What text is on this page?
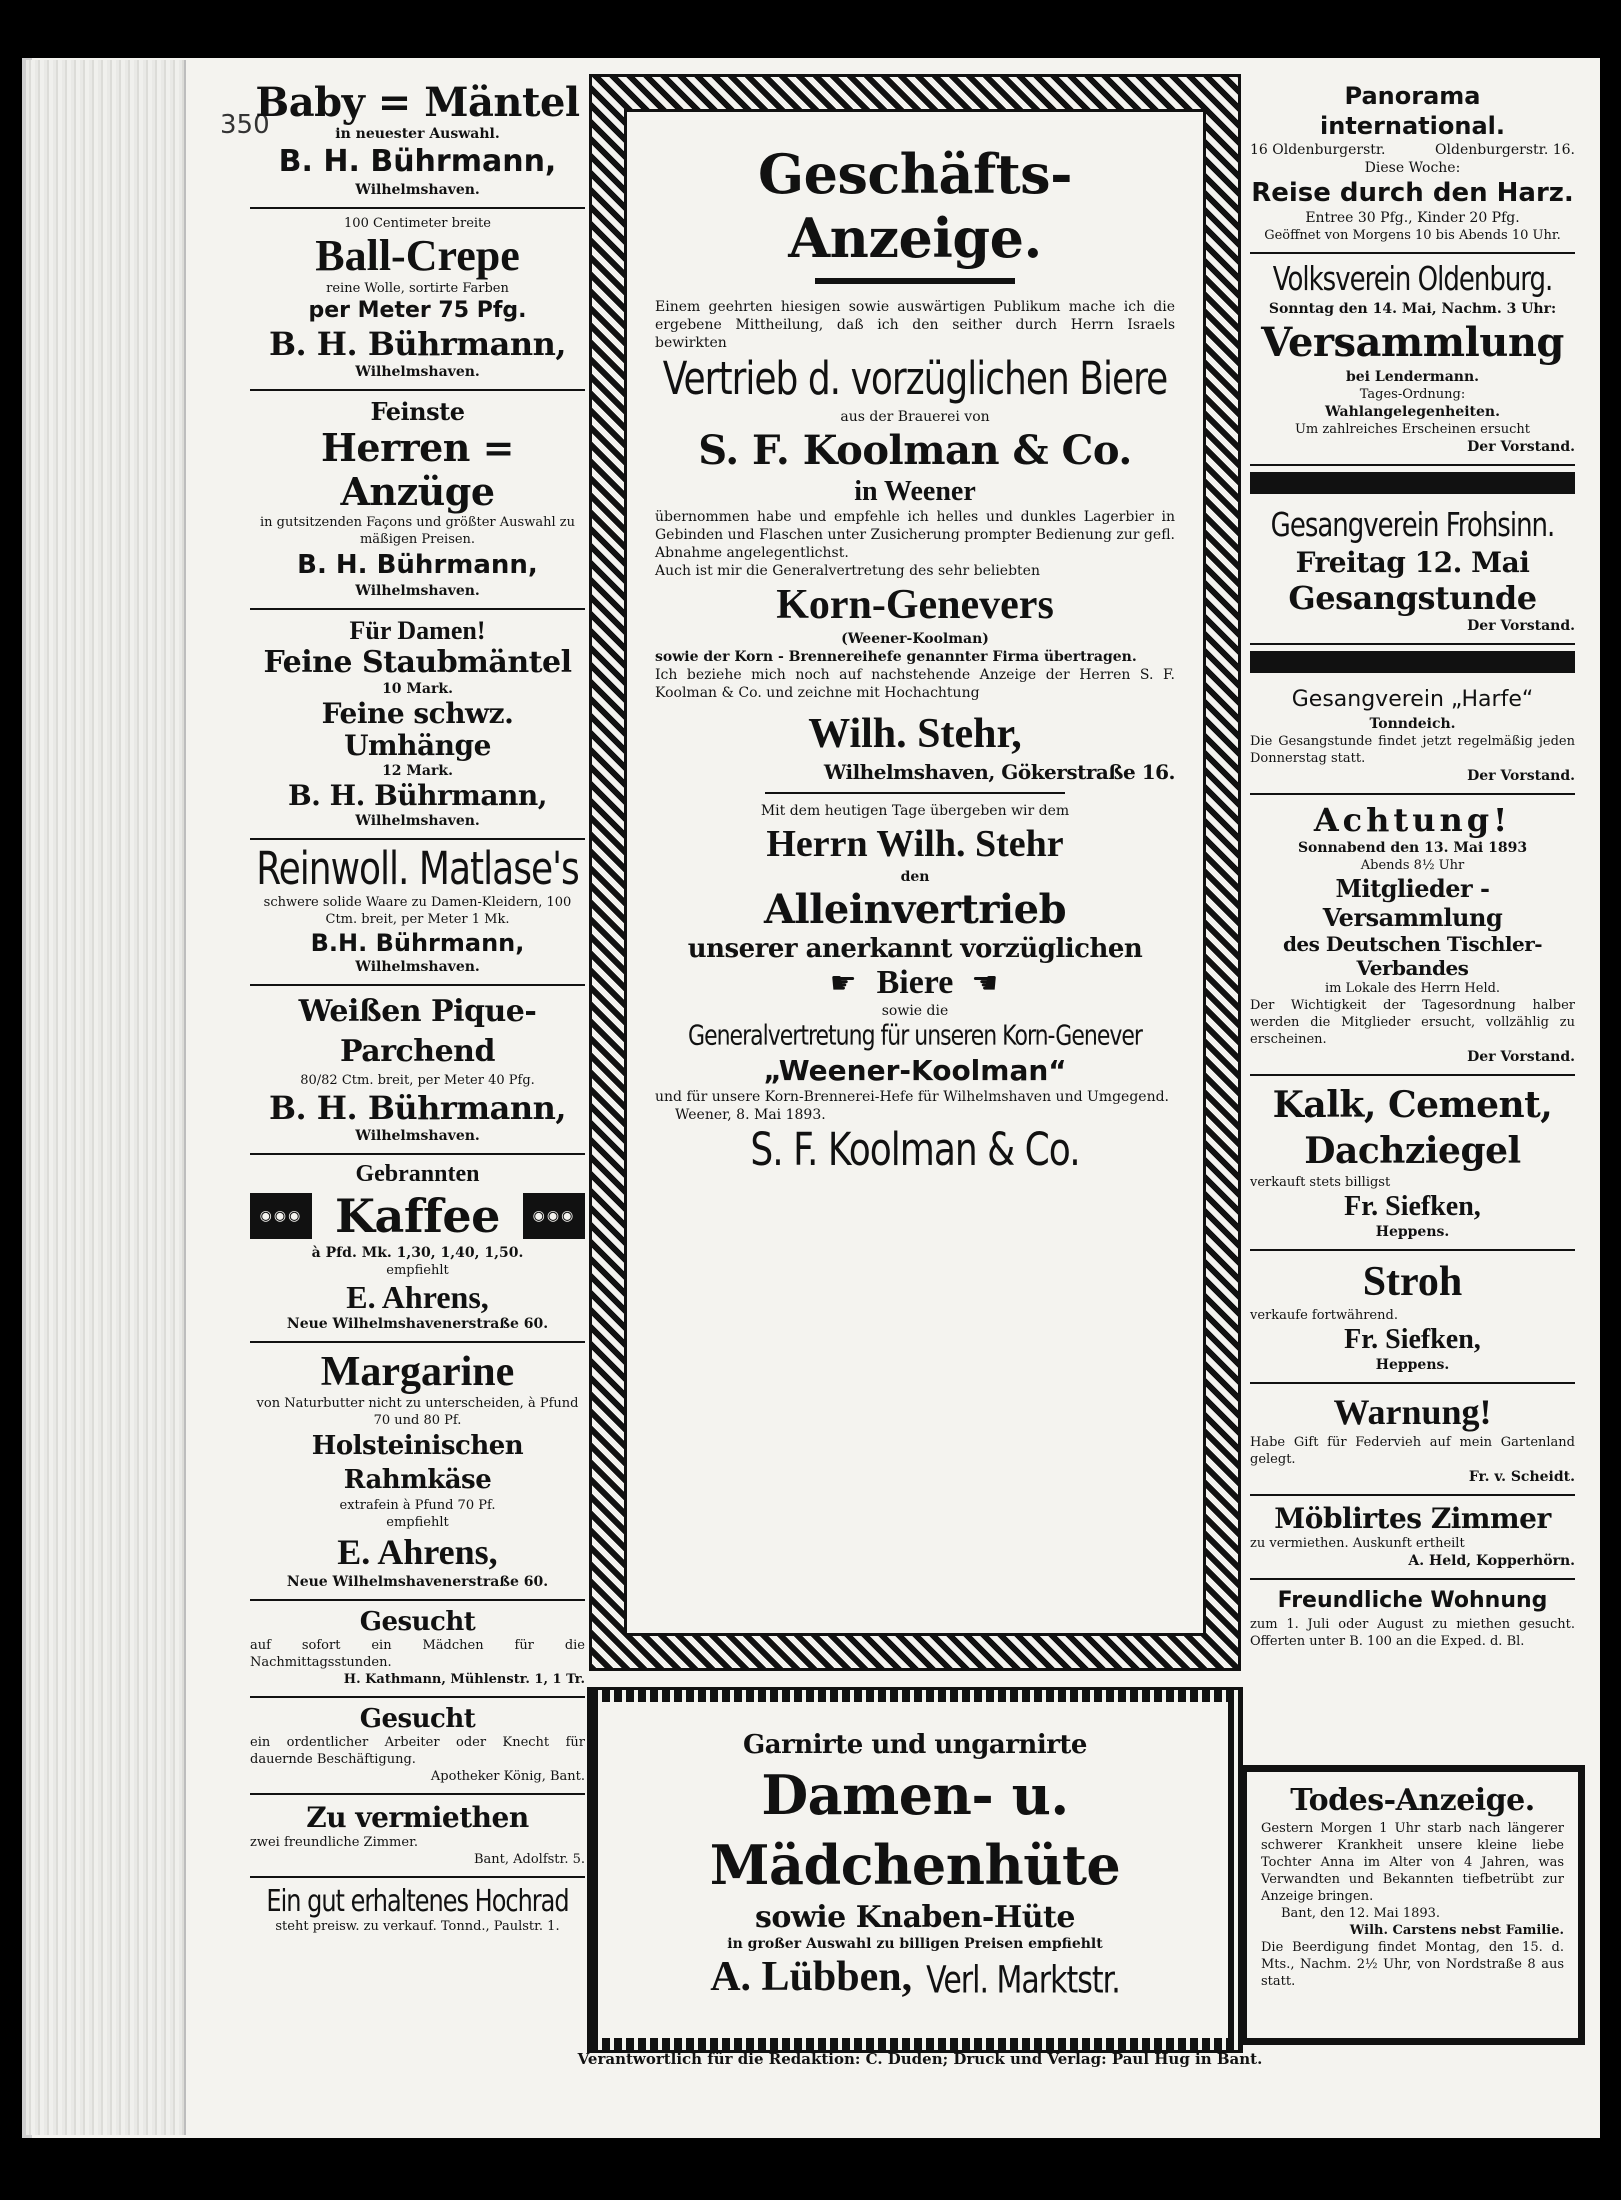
350
Baby = Mäntel
in neuester Auswahl.
B. H. Bührmann,
Wilhelmshaven.
100 Centimeter breite
Ball-Crepe
reine Wolle, sortirte Farben
per Meter 75 Pfg.
B. H. Bührmann,
Wilhelmshaven.
Feinste
Herren = Anzüge
in gutsitzenden Façons und größter Auswahl zu mäßigen Preisen.
B. H. Bührmann,
Wilhelmshaven.
Für Damen!
Feine Staubmäntel
10 Mark.
Feine schwz. Umhänge
12 Mark.
B. H. Bührmann,
Wilhelmshaven.
Reinwoll. Matlase's
schwere solide Waare zu Damen-Kleidern, 100 Ctm. breit, per Meter 1 Mk.
B.H. Bührmann,
Wilhelmshaven.
Weißen Pique-Parchend
80/82 Ctm. breit, per Meter 40 Pfg.
B. H. Bührmann,
Wilhelmshaven.
Gebrannten
◉◉◉ Kaffee	◉◉◉
à Pfd. Mk. 1,30, 1,40, 1,50.
empfiehlt
E. Ahrens,
Neue Wilhelmshavenerstraße 60.
Margarine
von Naturbutter nicht zu unterscheiden, à Pfund 70 und 80 Pf.
Holsteinischen Rahmkäse
extrafein à Pfund 70 Pf.
empfiehlt
E. Ahrens,
Neue Wilhelmshavenerstraße 60.
Gesucht
auf sofort ein Mädchen für die Nachmittagsstunden.
H. Kathmann, Mühlenstr. 1, 1 Tr.
Gesucht
ein ordentlicher Arbeiter oder Knecht für dauernde Beschäftigung.
Apotheker König, Bant.
Zu vermiethen
zwei freundliche Zimmer.
Bant, Adolfstr. 5.
Ein gut erhaltenes Hochrad
steht preisw. zu verkauf. Tonnd., Paulstr. 1.
Geschäfts-Anzeige.
Einem geehrten hiesigen sowie auswärtigen Publikum mache ich die ergebene Mittheilung, daß ich den seither durch Herrn Israels bewirkten
Vertrieb d. vorzüglichen Biere
aus der Brauerei von
S. F. Koolman & Co.
in Weener
übernommen habe und empfehle ich helles und dunkles Lagerbier in Gebinden und Flaschen unter Zusicherung prompter Bedienung zur gefl. Abnahme angelegentlichst.
Auch ist mir die Generalvertretung des sehr beliebten
Korn-Genevers
(Weener-Koolman)
sowie der Korn - Brennereihefe genannter Firma übertragen.
Ich beziehe mich noch auf nachstehende Anzeige der Herren S. F. Koolman & Co. und zeichne mit Hochachtung
Wilh. Stehr,
Wilhelmshaven, Gökerstraße 16.
Mit dem heutigen Tage übergeben wir dem
Herrn Wilh. Stehr
den
Alleinvertrieb
unserer anerkannt vorzüglichen
☛ Biere ☚
sowie die
Generalvertretung für unseren Korn-Genever
„Weener-Koolman“
und für unsere Korn-Brennerei-Hefe für Wilhelmshaven und Umgegend.
Weener, 8. Mai 1893.
S. F. Koolman & Co.
Garnirte und ungarnirte
Damen- u. Mädchenhüte
sowie Knaben-Hüte
in großer Auswahl zu billigen Preisen empfiehlt
A. Lübben, Verl. Marktstr.
Panorama international.
16 Oldenburgerstr.	Oldenburgerstr. 16.
Diese Woche:
Reise durch den Harz.
Entree 30 Pfg., Kinder 20 Pfg.
Geöffnet von Morgens 10 bis Abends 10 Uhr.
Volksverein Oldenburg.
Sonntag den 14. Mai, Nachm. 3 Uhr:
Versammlung
bei Lendermann.
Tages-Ordnung:
Wahlangelegenheiten.
Um zahlreiches Erscheinen ersucht
Der Vorstand.
Gesangverein Frohsinn.
Freitag 12. Mai
Gesangstunde
Der Vorstand.
Gesangverein „Harfe“
Tonndeich.
Die Gesangstunde findet jetzt regelmäßig jeden Donnerstag statt.
Der Vorstand.
Achtung!
Sonnabend den 13. Mai 1893
Abends 8½ Uhr
Mitglieder - Versammlung
des Deutschen Tischler-Verbandes
im Lokale des Herrn Held.
Der Wichtigkeit der Tagesordnung halber werden die Mitglieder ersucht, vollzählig zu erscheinen.
Der Vorstand.
Kalk, Cement, Dachziegel
verkauft stets billigst
Fr. Siefken,
Heppens.
Stroh
verkaufe fortwährend.
Fr. Siefken,
Heppens.
Warnung!
Habe Gift für Federvieh auf mein Gartenland gelegt.
Fr. v. Scheidt.
Möblirtes Zimmer
zu vermiethen. Auskunft ertheilt
A. Held, Kopperhörn.
Freundliche Wohnung
zum 1. Juli oder August zu miethen gesucht. Offerten unter B. 100 an die Exped. d. Bl.
Todes-Anzeige.
Gestern Morgen 1 Uhr starb nach längerer schwerer Krankheit unsere kleine liebe Tochter Anna im Alter von 4 Jahren, was Verwandten und Bekannten tiefbetrübt zur Anzeige bringen.
Bant, den 12. Mai 1893.
Wilh. Carstens nebst Familie.
Die Beerdigung findet Montag, den 15. d. Mts., Nachm. 2½ Uhr, von Nordstraße 8 aus statt.
Verantwortlich für die Redaktion: C. Duden; Druck und Verlag: Paul Hug in Bant.
